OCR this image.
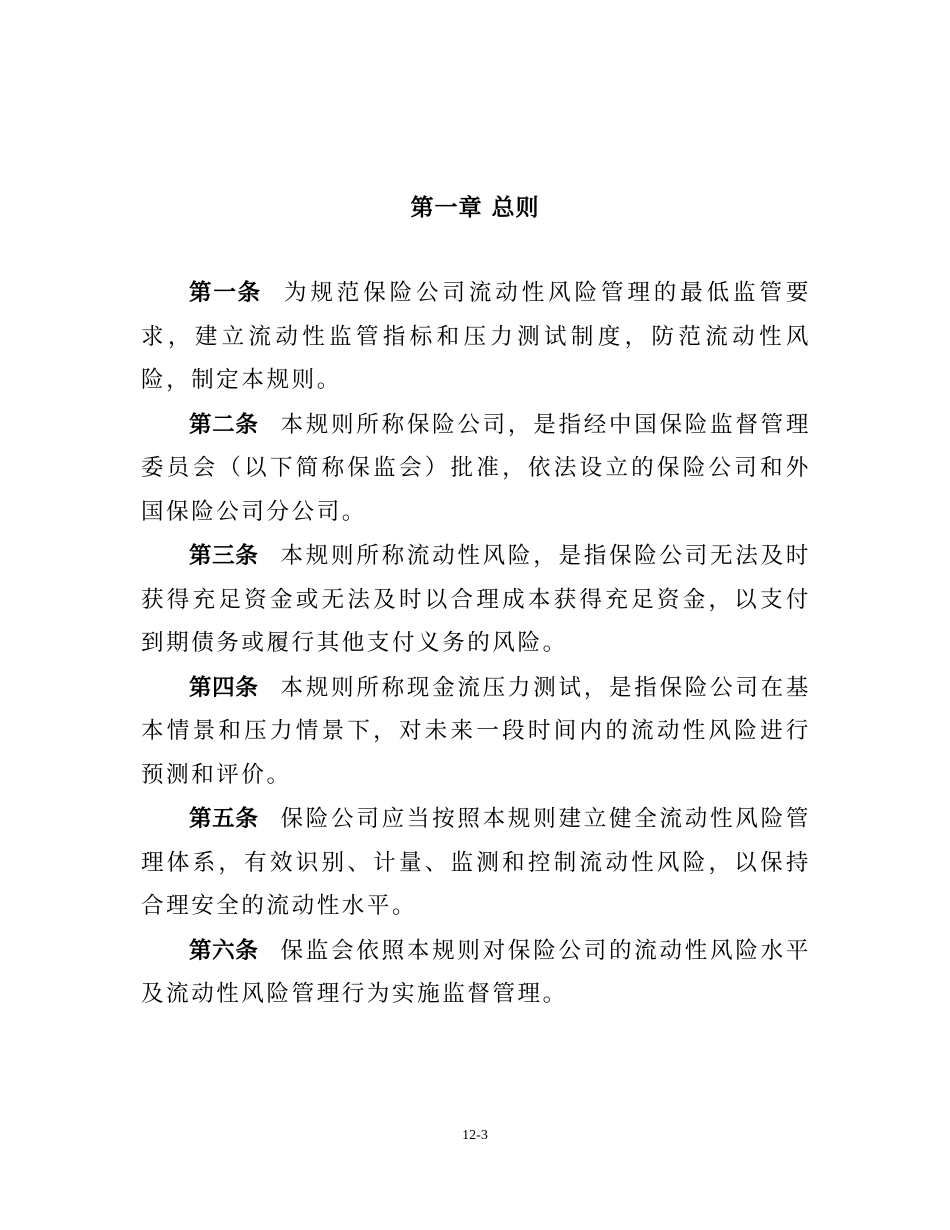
第一章 总则

第一条 为规范保险公司流动性风险管理的最低监管要求，建立流动性监管指标和压力测试制度，防范流动性风险，制定本规则。

第二条 本规则所称保险公司，是指经中国保险监督管理委员会（以下简称保监会）批准，依法设立的保险公司和外国保险公司分公司。

第三条 本规则所称流动性风险，是指保险公司无法及时获得充足资金或无法及时以合理成本获得充足资金，以支付到期债务或履行其他支付义务的风险。

第四条 本规则所称现金流压力测试，是指保险公司在基本情景和压力情景下，对未来一段时间内的流动性风险进行预测和评价。

第五条 保险公司应当按照本规则建立健全流动性风险管理体系，有效识别、计量、监测和控制流动性风险，以保持合理安全的流动性水平。

第六条 保监会依照本规则对保险公司的流动性风险水平及流动性风险管理行为实施监督管理。

12-3
